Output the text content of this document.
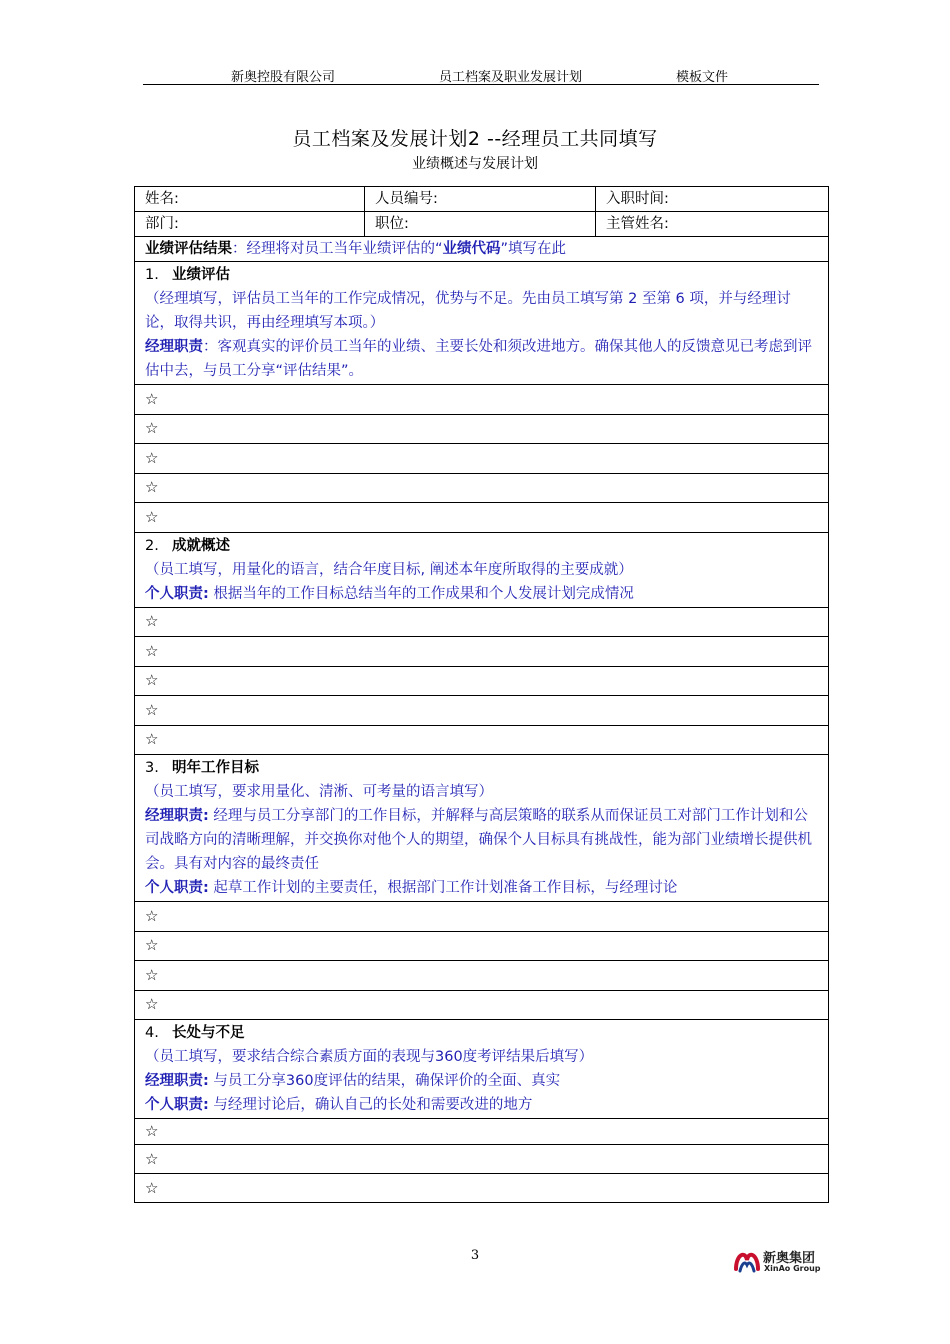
新奥控股有限公司	员工档案及职业发展计划	模板文件
员工档案及发展计划2 --经理员工共同填写
业绩概述与发展计划
姓名:	人员编号:	入职时间:
部门:	职位:	主管姓名:
业绩评估结果：经理将对员工当年业绩评估的“业绩代码”填写在此		

1. 业绩评估
（经理填写，评估员工当年的工作完成情况，优势与不足。先由员工填写第 2 至第 6 项，并与经理讨论，取得共识，再由经理填写本项。）
经理职责：客观真实的评价员工当年的业绩、主要长处和须改进地方。确保其他人的反馈意见已考虑到评估中去，与员工分享“评估结果”。		

☆		
☆		
☆		
☆		
☆		

2. 成就概述
（员工填写，用量化的语言，结合年度目标, 阐述本年度所取得的主要成就）
个人职责: 根据当年的工作目标总结当年的工作成果和个人发展计划完成情况		

☆		
☆		
☆		
☆		
☆		

3. 明年工作目标
（员工填写，要求用量化、清淅、可考量的语言填写）
经理职责: 经理与员工分享部门的工作目标，并解释与高层策略的联系从而保证员工对部门工作计划和公司战略方向的清晰理解，并交换你对他个人的期望，确保个人目标具有挑战性，能为部门业绩增长提供机会。具有对内容的最终责任
个人职责: 起草工作计划的主要责任，根据部门工作计划准备工作目标，与经理讨论		

☆		
☆		
☆		
☆		

4. 长处与不足
（员工填写，要求结合综合素质方面的表现与360度考评结果后填写）
经理职责: 与员工分享360度评估的结果，确保评价的全面、真实
个人职责: 与经理讨论后，确认自己的长处和需要改进的地方		

☆		
☆		
☆		
3	新奥集团
XinAo Group
